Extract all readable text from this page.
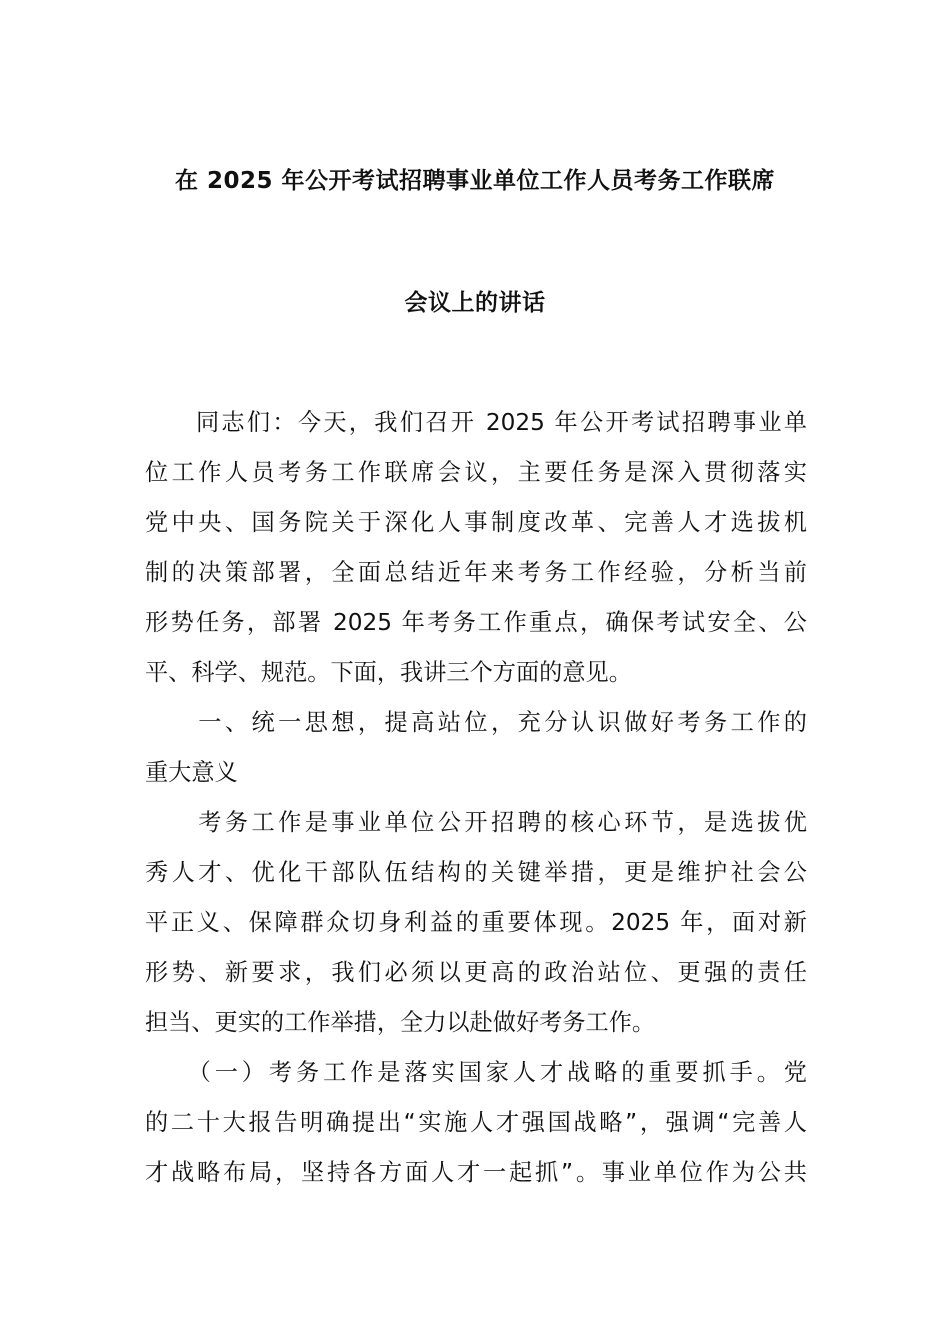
在 2025 年公开考试招聘事业单位工作人员考务工作联席
会议上的讲话
　　同志们：今天，我们召开 2025 年公开考试招聘事业单
位工作人员考务工作联席会议，主要任务是深入贯彻落实
党中央、国务院关于深化人事制度改革、完善人才选拔机
制的决策部署，全面总结近年来考务工作经验，分析当前
形势任务，部署 2025 年考务工作重点，确保考试安全、公
平、科学、规范。下面，我讲三个方面的意见。
　　一、统一思想，提高站位，充分认识做好考务工作的
重大意义
　　考务工作是事业单位公开招聘的核心环节，是选拔优
秀人才、优化干部队伍结构的关键举措，更是维护社会公
平正义、保障群众切身利益的重要体现。2025 年，面对新
形势、新要求，我们必须以更高的政治站位、更强的责任
担当、更实的工作举措，全力以赴做好考务工作。
　　（一）考务工作是落实国家人才战略的重要抓手。党
的二十大报告明确提出“实施人才强国战略”，强调“完善人
才战略布局，坚持各方面人才一起抓”。事业单位作为公共
